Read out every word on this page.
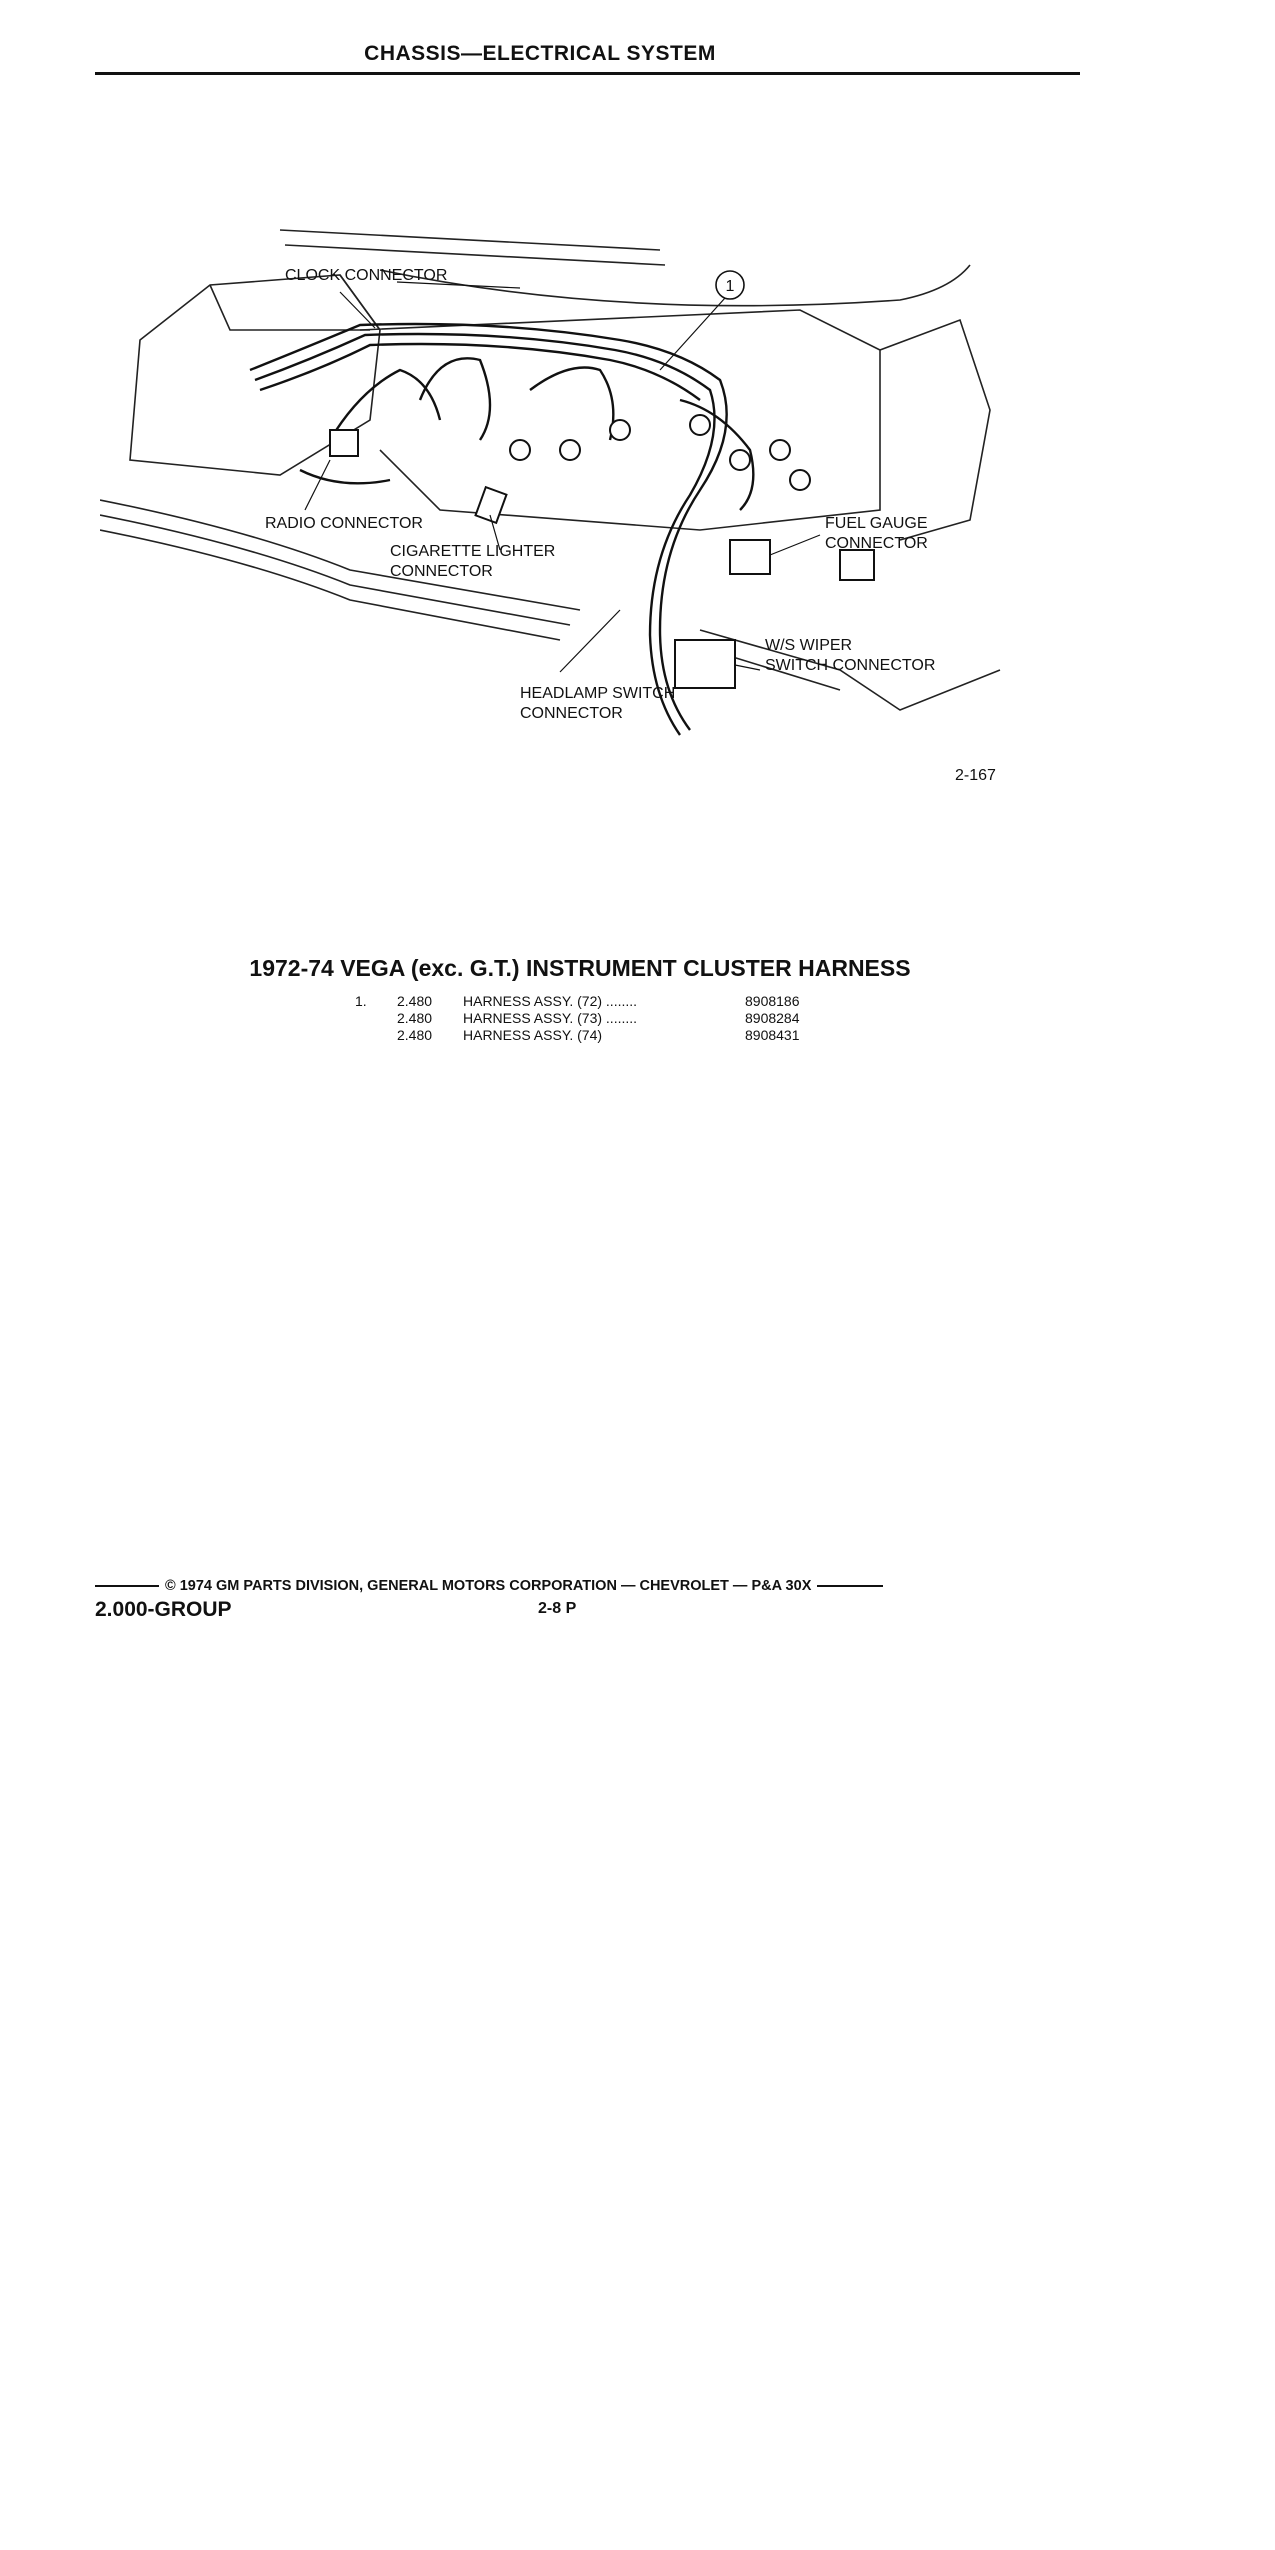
CHASSIS—ELECTRICAL SYSTEM
1
CLOCK CONNECTOR
RADIO CONNECTOR
CIGARETTE LIGHTER
CONNECTOR
HEADLAMP SWITCH
CONNECTOR
FUEL GAUGE
CONNECTOR
W/S WIPER
SWITCH CONNECTOR
2-167
1972-74 VEGA (exc. G.T.) INSTRUMENT CLUSTER HARNESS
1.	2.480 HARNESS ASSY. (72) ........	8908186
2.480 HARNESS ASSY. (73) ........	8908284
2.480 HARNESS ASSY. (74)	8908431
© 1974 GM PARTS DIVISION, GENERAL MOTORS CORPORATION — CHEVROLET — P&A 30X
2.000-GROUP	2-8 P
